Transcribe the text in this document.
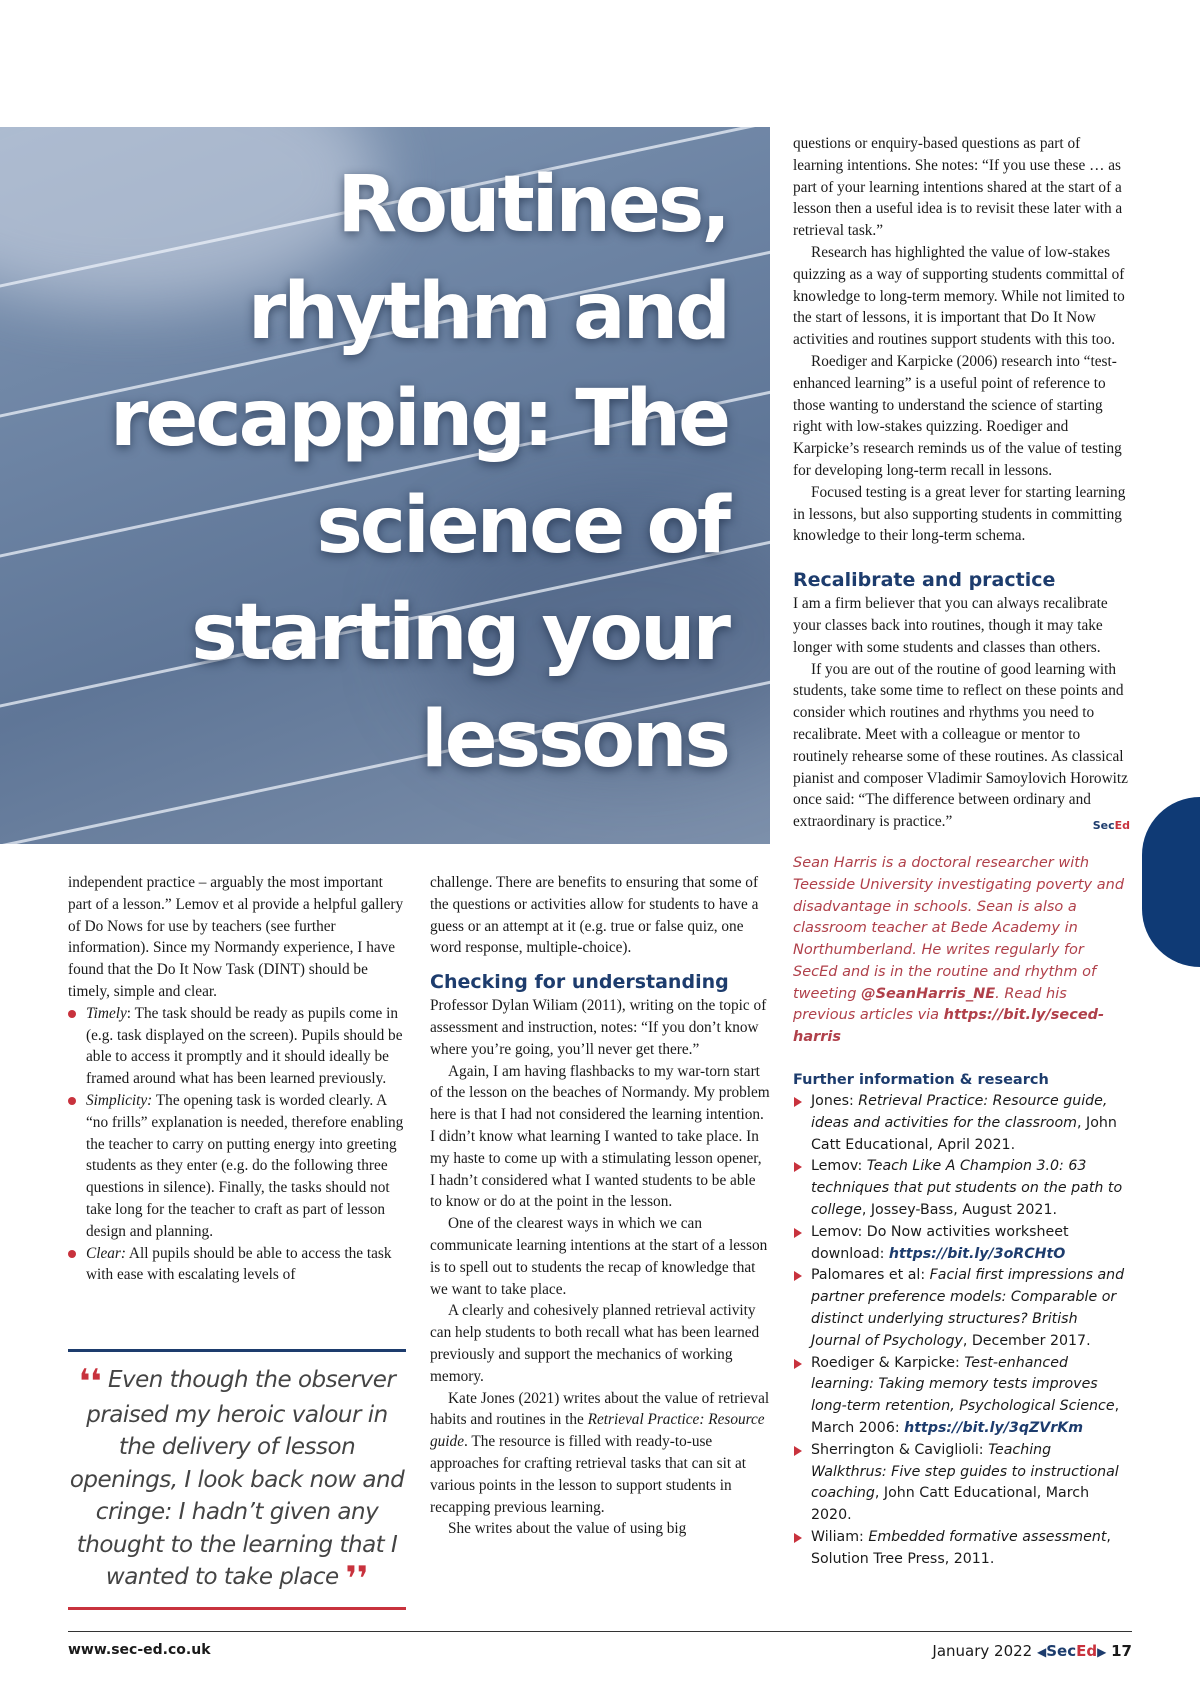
Routines, rhythm and recapping: The science of starting your lessons

independent practice – arguably the most important part of a lesson.” Lemov et al provide a helpful gallery of Do Nows for use by teachers (see further information). Since my Normandy experience, I have found that the Do It Now Task (DINT) should be timely, simple and clear.

Timely: The task should be ready as pupils come in (e.g. task displayed on the screen). Pupils should be able to access it promptly and it should ideally be framed around what has been learned previously.
Simplicity: The opening task is worded clearly. A “no frills” explanation is needed, therefore enabling the teacher to carry on putting energy into greeting students as they enter (e.g. do the following three questions in silence). Finally, the tasks should not take long for the teacher to craft as part of lesson design and planning.
Clear: All pupils should be able to access the task with ease with escalating levels of
❛❛ Even though the observer praised my heroic valour in the delivery of lesson openings, I look back now and cringe: I hadn’t given any thought to the learning that I wanted to take place ❜❜

challenge. There are benefits to ensuring that some of the questions or activities allow for students to have a guess or an attempt at it (e.g. true or false quiz, one word response, multiple-choice).

Checking for understanding

Professor Dylan Wiliam (2011), writing on the topic of assessment and instruction, notes: “If you don’t know where you’re going, you’ll never get there.”

Again, I am having flashbacks to my war-torn start of the lesson on the beaches of Normandy. My problem here is that I had not considered the learning intention. I didn’t know what learning I wanted to take place. In my haste to come up with a stimulating lesson opener, I hadn’t considered what I wanted students to be able to know or do at the point in the lesson.

One of the clearest ways in which we can communicate learning intentions at the start of a lesson is to spell out to students the recap of knowledge that we want to take place.

A clearly and cohesively planned retrieval activity can help students to both recall what has been learned previously and support the mechanics of working memory.

Kate Jones (2021) writes about the value of retrieval habits and routines in the Retrieval Practice: Resource guide. The resource is filled with ready-to-use approaches for crafting retrieval tasks that can sit at various points in the lesson to support students in recapping previous learning.

She writes about the value of using big

questions or enquiry-based questions as part of learning intentions. She notes: “If you use these … as part of your learning intentions shared at the start of a lesson then a useful idea is to revisit these later with a retrieval task.”

Research has highlighted the value of low-stakes quizzing as a way of supporting students committal of knowledge to long-term memory. While not limited to the start of lessons, it is important that Do It Now activities and routines support students with this too.

Roediger and Karpicke (2006) research into “test-enhanced learning” is a useful point of reference to those wanting to understand the science of starting right with low-stakes quizzing. Roediger and Karpicke’s research reminds us of the value of testing for developing long-term recall in lessons.

Focused testing is a great lever for starting learning in lessons, but also supporting students in committing knowledge to their long-term schema.

Recalibrate and practice

I am a firm believer that you can always recalibrate your classes back into routines, though it may take longer with some students and classes than others.

If you are out of the routine of good learning with students, take some time to reflect on these points and consider which routines and rhythms you need to recalibrate. Meet with a colleague or mentor to routinely rehearse some of these routines. As classical pianist and composer Vladimir Samoylovich Horowitz once said: “The difference between ordinary and extraordinary is practice.”	SecEd

Sean Harris is a doctoral researcher with Teesside University investigating poverty and disadvantage in schools. Sean is also a classroom teacher at Bede Academy in Northumberland. He writes regularly for SecEd and is in the routine and rhythm of tweeting @SeanHarris_NE. Read his previous articles via https://bit.ly/seced-harris

Further information & research
Jones: Retrieval Practice: Resource guide, ideas and activities for the classroom, John Catt Educational, April 2021.
Lemov: Teach Like A Champion 3.0: 63 techniques that put students on the path to college, Jossey-Bass, August 2021.
Lemov: Do Now activities worksheet download: https://bit.ly/3oRCHtO
Palomares et al: Facial first impressions and partner preference models: Comparable or distinct underlying structures? British Journal of Psychology, December 2017.
Roediger & Karpicke: Test-enhanced learning: Taking memory tests improves long-term retention, Psychological Science, March 2006: https://bit.ly/3qZVrKm
Sherrington & Caviglioli: Teaching Walkthrus: Five step guides to instructional coaching, John Catt Educational, March 2020.
Wiliam: Embedded formative assessment, Solution Tree Press, 2011.
www.sec-ed.co.uk	January 2022 ◀SecEd▶ 17
